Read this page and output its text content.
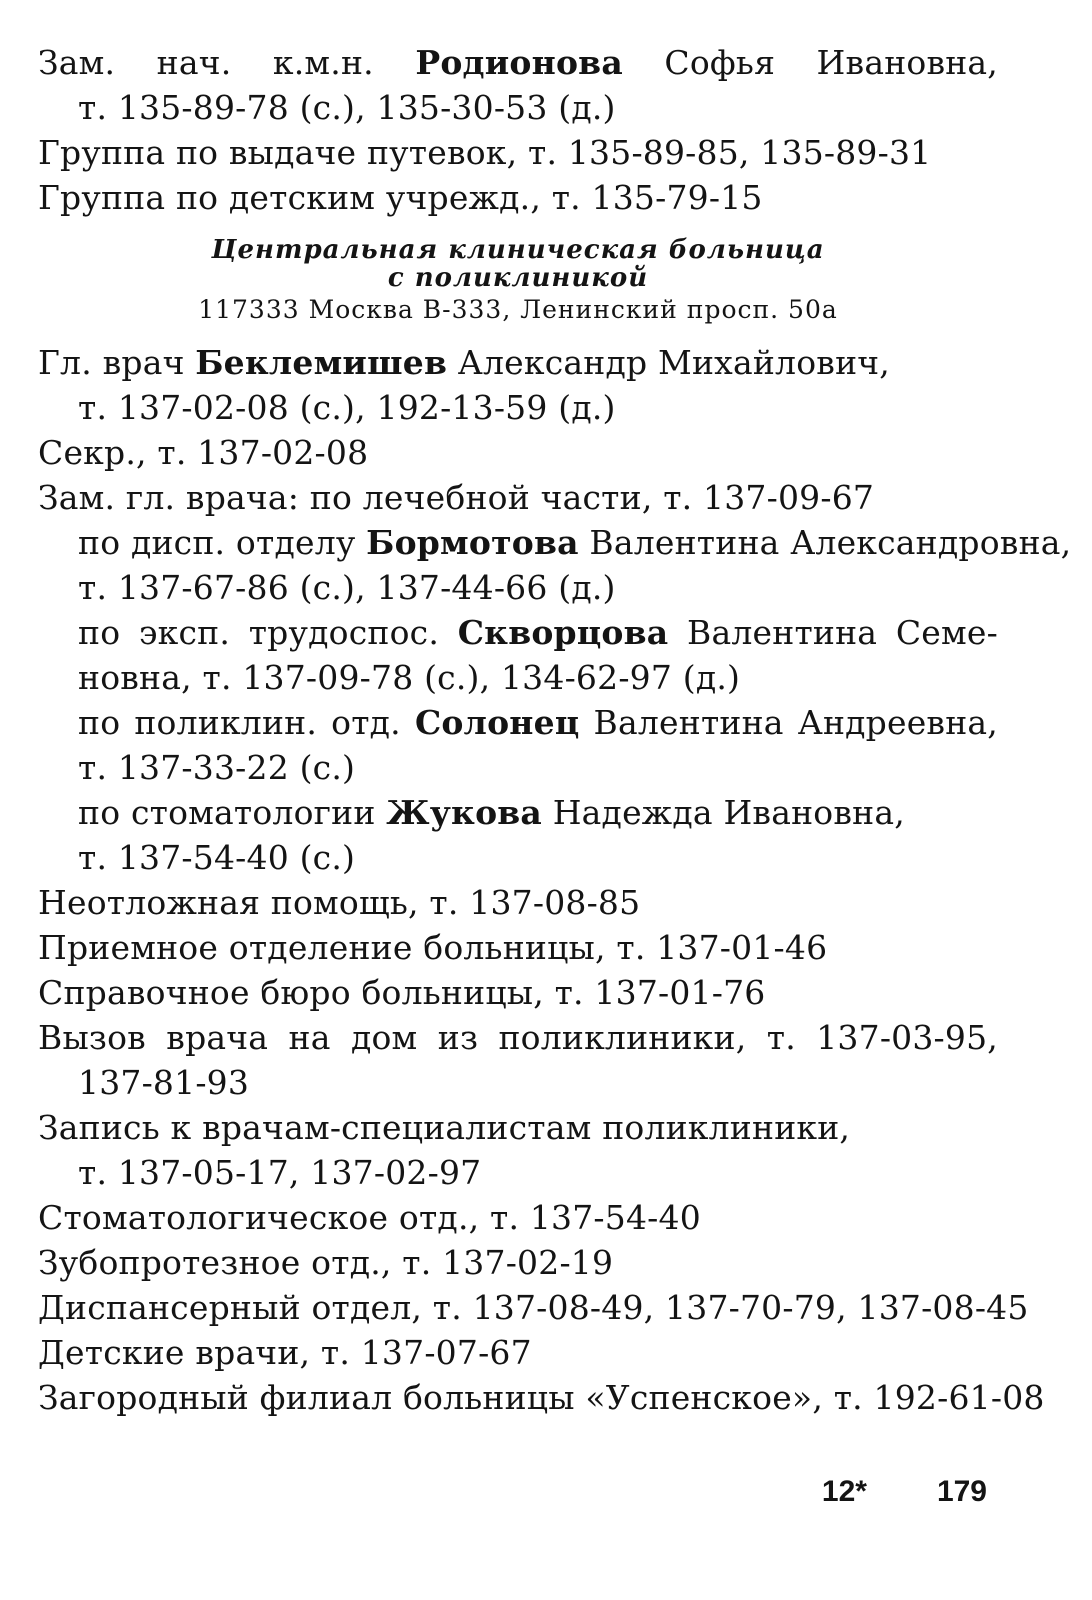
Зам. нач. к.м.н. Родионова Софья Ивановна,
т. 135-89-78 (с.), 135-30-53 (д.)
Группа по выдаче путевок, т. 135-89-85, 135-89-31
Группа по детским учрежд., т. 135-79-15
Центральная клиническая больница
с поликлиникой
117333 Москва В-333, Ленинский просп. 50а
Гл. врач Беклемишев Александр Михайлович,
т. 137-02-08 (с.), 192-13-59 (д.)
Секр., т. 137-02-08
Зам. гл. врача: по лечебной части, т. 137-09-67
по дисп. отделу Бормотова Валентина Александровна,
т. 137-67-86 (с.), 137-44-66 (д.)
по эксп. трудоспос. Скворцова Валентина Семе-
новна, т. 137-09-78 (с.), 134-62-97 (д.)
по поликлин. отд. Солонец Валентина Андреевна,
т. 137-33-22 (с.)
по стоматологии Жукова Надежда Ивановна,
т. 137-54-40 (с.)
Неотложная помощь, т. 137-08-85
Приемное отделение больницы, т. 137-01-46
Справочное бюро больницы, т. 137-01-76
Вызов врача на дом из поликлиники, т. 137-03-95,
137-81-93
Запись к врачам-специалистам поликлиники,
т. 137-05-17, 137-02-97
Стоматологическое отд., т. 137-54-40
Зубопротезное отд., т. 137-02-19
Диспансерный отдел, т. 137-08-49, 137-70-79, 137-08-45
Детские врачи, т. 137-07-67
Загородный филиал больницы «Успенское», т. 192-61-08
12* 179
